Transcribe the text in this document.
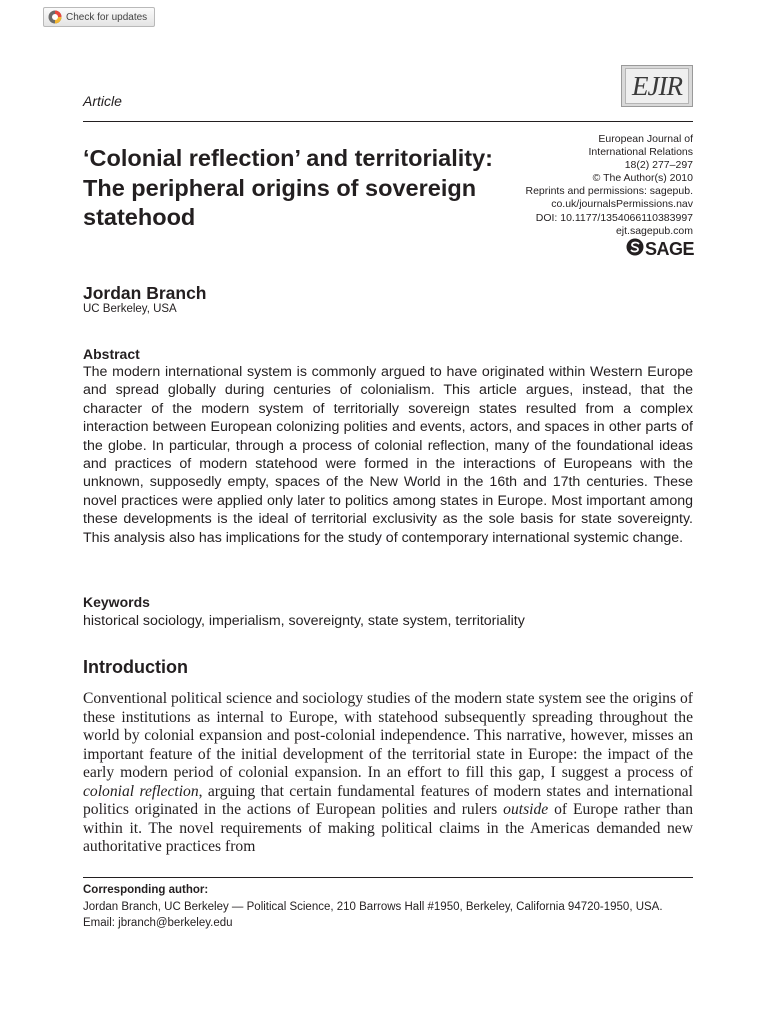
Check for updates
EJIR
Article
‘Colonial reflection’ and territoriality: The peripheral origins of sovereign statehood
European Journal of
International Relations
18(2) 277–297
© The Author(s) 2010
Reprints and permissions: sagepub.
co.uk/journalsPermissions.nav
DOI: 10.1177/1354066110383997
ejt.sagepub.com
SAGE
Jordan Branch
UC Berkeley, USA
Abstract
The modern international system is commonly argued to have originated within Western Europe and spread globally during centuries of colonialism. This article argues, instead, that the character of the modern system of territorially sovereign states resulted from a complex interaction between European colonizing polities and events, actors, and spaces in other parts of the globe. In particular, through a process of colonial reflection, many of the foundational ideas and practices of modern statehood were formed in the interactions of Europeans with the unknown, supposedly empty, spaces of the New World in the 16th and 17th centuries. These novel practices were applied only later to politics among states in Europe. Most important among these developments is the ideal of territorial exclusivity as the sole basis for state sovereignty. This analysis also has implications for the study of contemporary international systemic change.
Keywords
historical sociology, imperialism, sovereignty, state system, territoriality
Introduction
Conventional political science and sociology studies of the modern state system see the origins of these institutions as internal to Europe, with statehood subsequently spreading throughout the world by colonial expansion and post-colonial independence. This narrative, however, misses an important feature of the initial development of the territorial state in Europe: the impact of the early modern period of colonial expansion. In an effort to fill this gap, I suggest a process of colonial reflection, arguing that certain fundamental features of modern states and international politics originated in the actions of European polities and rulers outside of Europe rather than within it. The novel requirements of making political claims in the Americas demanded new authoritative practices from
Corresponding author:
Jordan Branch, UC Berkeley — Political Science, 210 Barrows Hall #1950, Berkeley, California 94720-1950, USA.
Email: jbranch@berkeley.edu
